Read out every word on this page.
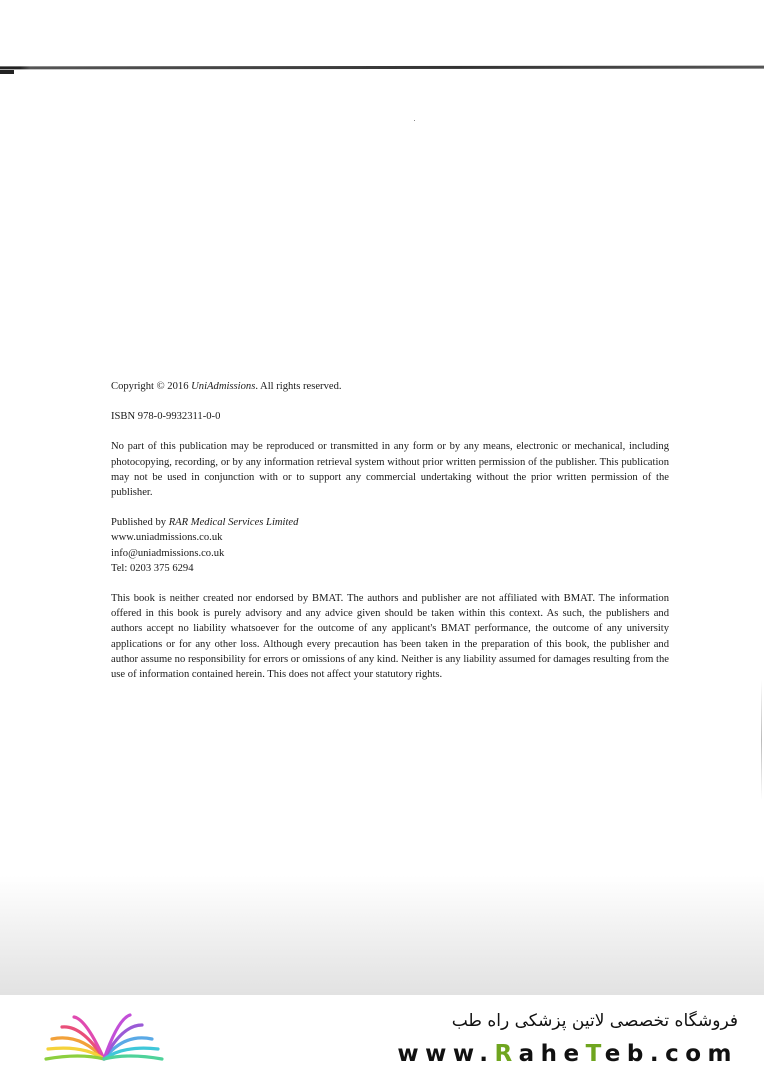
Copyright © 2016 UniAdmissions. All rights reserved.

ISBN 978-0-9932311-0-0

No part of this publication may be reproduced or transmitted in any form or by any means, electronic or mechanical, including photocopying, recording, or by any information retrieval system without prior written permission of the publisher. This publication may not be used in conjunction with or to support any commercial undertaking without the prior written permission of the publisher.

Published by RAR Medical Services Limited

www.uniadmissions.co.uk

info@uniadmissions.co.uk

Tel: 0203 375 6294

This book is neither created nor endorsed by BMAT. The authors and publisher are not affiliated with BMAT. The information offered in this book is purely advisory and any advice given should be taken within this context. As such, the publishers and authors accept no liability whatsoever for the outcome of any applicant's BMAT performance, the outcome of any university applications or for any other loss. Although every precaution has been taken in the preparation of this book, the publisher and author assume no responsibility for errors or omissions of any kind. Neither is any liability assumed for damages resulting from the use of information contained herein. This does not affect your statutory rights.

فروشگاه تخصصی لاتین پزشکی راه طب
www.RaheTeb.com
